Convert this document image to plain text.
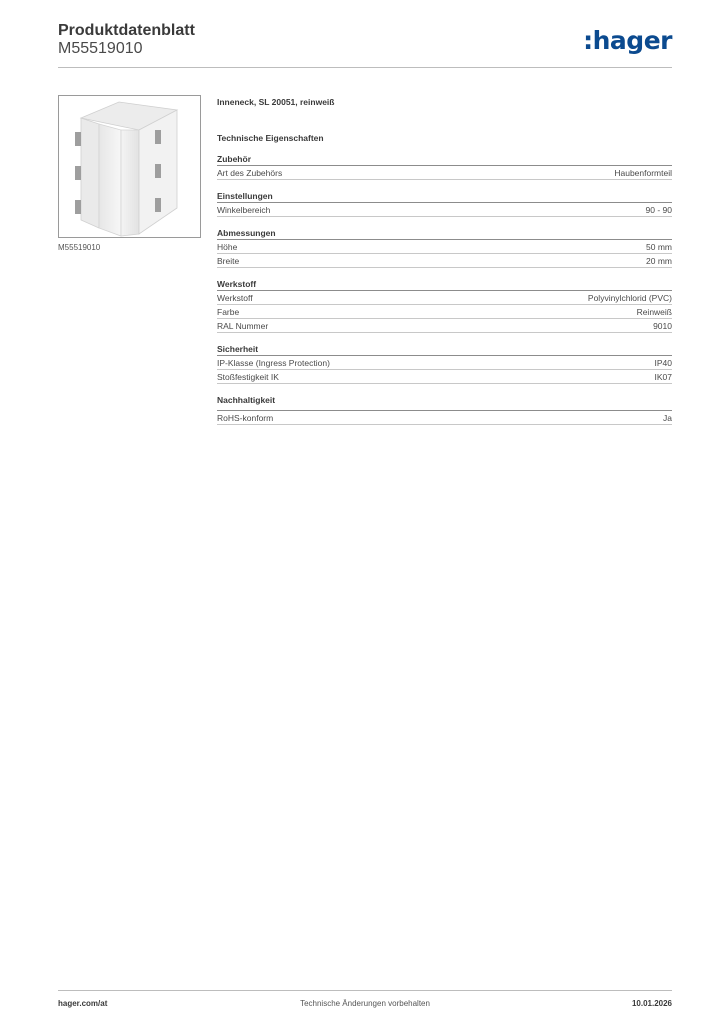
Produktdatenblatt
M55519010	:hager
M55519010
Inneneck, SL 20051, reinweiß
Technische Eigenschaften
Zubehör
Art des Zubehörs	Haubenformteil
Einstellungen
Winkelbereich	90 - 90
Abmessungen
Höhe	50 mm
Breite	20 mm
Werkstoff
Werkstoff	Polyvinylchlorid (PVC)
Farbe	Reinweiß
RAL Nummer	9010
Sicherheit
IP-Klasse (Ingress Protection)	IP40
Stoßfestigkeit IK	IK07
Nachhaltigkeit
RoHS-konform	Ja
hager.com/at	Technische Änderungen vorbehalten	10.01.2026
